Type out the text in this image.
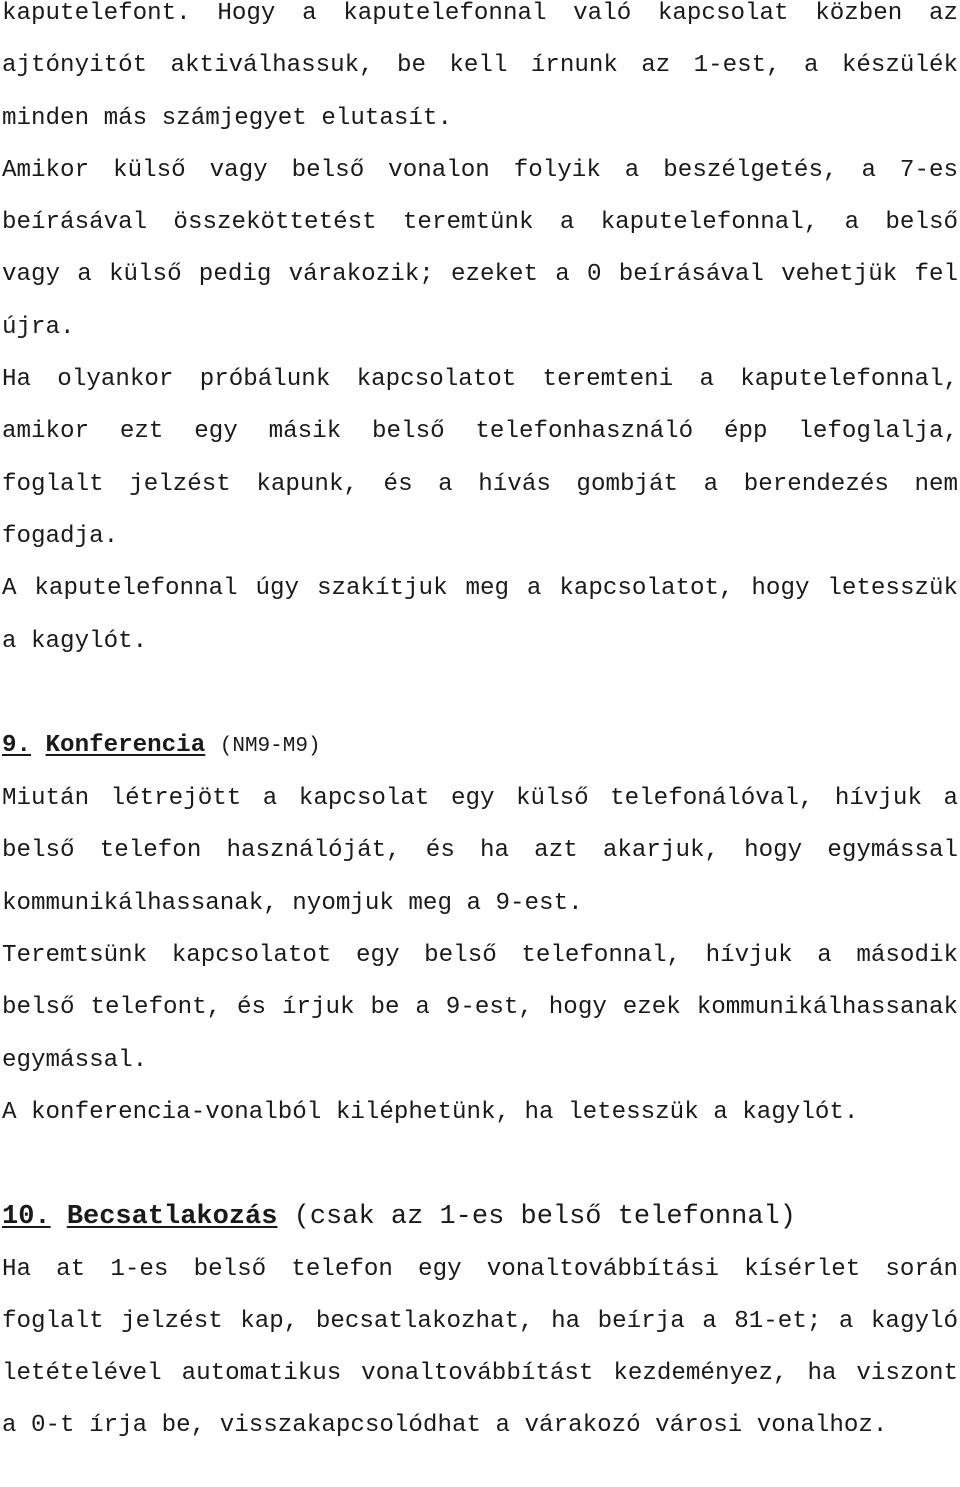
kaputelefont. Hogy a kaputelefonnal való kapcsolat közben az ajtónyitót aktiválhassuk, be kell írnunk az 1-est, a készülék minden más számjegyet elutasít.

Amikor külső vagy belső vonalon folyik a beszélgetés, a 7-es beírásával összeköttetést teremtünk a kaputelefonnal, a belső vagy a külső pedig várakozik; ezeket a 0 beírásával vehetjük fel újra.

Ha olyankor próbálunk kapcsolatot teremteni a kaputelefonnal, amikor ezt egy másik belső telefonhasználó épp lefoglalja, foglalt jelzést kapunk, és a hívás gombját a berendezés nem fogadja.

A kaputelefonnal úgy szakítjuk meg a kapcsolatot, hogy letesszük a kagylót.

9. Konferencia (NM9-M9)

Miután létrejött a kapcsolat egy külső telefonálóval, hívjuk a belső telefon használóját, és ha azt akarjuk, hogy egymással kommunikálhassanak, nyomjuk meg a 9-est.

Teremtsünk kapcsolatot egy belső telefonnal, hívjuk a második belső telefont, és írjuk be a 9-est, hogy ezek kommunikálhassanak egymással.

A konferencia-vonalból kiléphetünk, ha letesszük a kagylót.

10. Becsatlakozás (csak az 1-es belső telefonnal)

Ha at 1-es belső telefon egy vonaltovábbítási kísérlet során foglalt jelzést kap, becsatlakozhat, ha beírja a 81-et; a kagyló letételével automatikus vonaltovábbítást kezdeményez, ha viszont a 0-t írja be, visszakapcsolódhat a várakozó városi vonalhoz.
